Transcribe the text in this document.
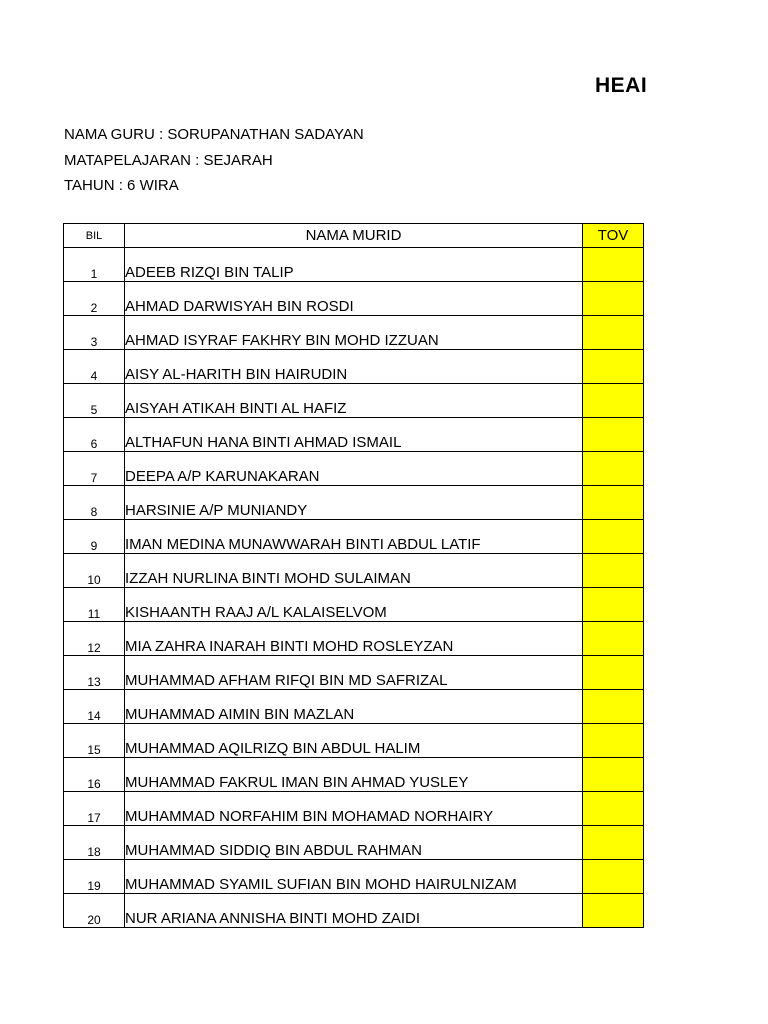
HEAI
NAMA GURU : SORUPANATHAN SADAYAN
MATAPELAJARAN : SEJARAH
TAHUN : 6 WIRA
BIL	NAMA MURID	TOV
1	ADEEB RIZQI BIN TALIP	
2	AHMAD DARWISYAH BIN ROSDI	
3	AHMAD ISYRAF FAKHRY BIN MOHD IZZUAN	
4	AISY AL-HARITH BIN HAIRUDIN	
5	AISYAH ATIKAH BINTI AL HAFIZ	
6	ALTHAFUN HANA BINTI AHMAD ISMAIL	
7	DEEPA A/P KARUNAKARAN	
8	HARSINIE A/P MUNIANDY	
9	IMAN MEDINA MUNAWWARAH BINTI ABDUL LATIF	
10	IZZAH NURLINA BINTI MOHD SULAIMAN	
11	KISHAANTH RAAJ A/L KALAISELVOM	
12	MIA ZAHRA INARAH BINTI MOHD ROSLEYZAN	
13	MUHAMMAD AFHAM RIFQI BIN MD SAFRIZAL	
14	MUHAMMAD AIMIN BIN MAZLAN	
15	MUHAMMAD AQILRIZQ BIN ABDUL HALIM	
16	MUHAMMAD FAKRUL IMAN BIN AHMAD YUSLEY	
17	MUHAMMAD NORFAHIM BIN MOHAMAD NORHAIRY	
18	MUHAMMAD SIDDIQ BIN ABDUL RAHMAN	
19	MUHAMMAD SYAMIL SUFIAN BIN MOHD HAIRULNIZAM	
20	NUR ARIANA ANNISHA BINTI MOHD ZAIDI	
